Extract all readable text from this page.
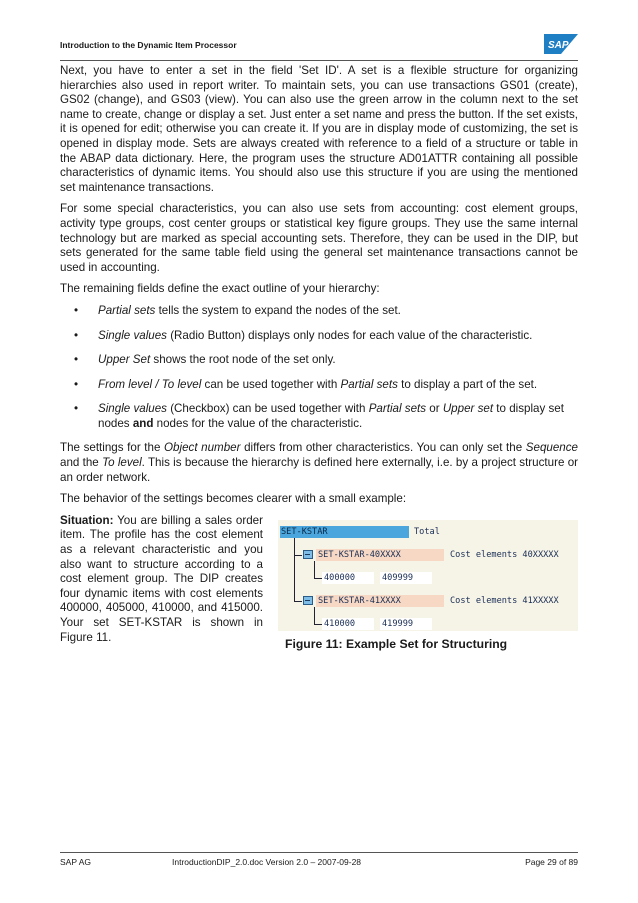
Introduction to the Dynamic Item Processor	SAP

Next, you have to enter a set in the field 'Set ID'. A set is a flexible structure for organizing hierarchies also used in report writer. To maintain sets, you can use transactions GS01 (create), GS02 (change), and GS03 (view). You can also use the green arrow in the column next to the set name to create, change or display a set. Just enter a set name and press the button. If the set exists, it is opened for edit; otherwise you can create it. If you are in display mode of customizing, the set is opened in display mode. Sets are always created with reference to a field of a structure or table in the ABAP data dictionary. Here, the program uses the structure AD01ATTR containing all possible characteristics of dynamic items. You should also use this structure if you are using the mentioned set maintenance transactions.

For some special characteristics, you can also use sets from accounting: cost element groups, activity type groups, cost center groups or statistical key figure groups. They use the same internal technology but are marked as special accounting sets. Therefore, they can be used in the DIP, but sets generated for the same table field using the general set maintenance transactions cannot be used in accounting.

The remaining fields define the exact outline of your hierarchy:

• Partial sets tells the system to expand the nodes of the set.
• Single values (Radio Button) displays only nodes for each value of the characteristic.
• Upper Set shows the root node of the set only.
• From level / To level can be used together with Partial sets to display a part of the set.
• Single values (Checkbox) can be used together with Partial sets or Upper set to display set nodes and nodes for the value of the characteristic.

The settings for the Object number differs from other characteristics. You can only set the Sequence and the To level. This is because the hierarchy is defined here externally, i.e. by a project structure or an order network.

The behavior of the settings becomes clearer with a small example:

Situation: You are billing a sales order item. The profile has the cost element as a relevant characteristic and you also want to structure according to a cost element group. The DIP creates four dynamic items with cost elements 400000, 405000, 410000, and 415000. Your set SET-KSTAR is shown in Figure 11.

SET-KSTAR	Total
SET-KSTAR-40XXXX	Cost elements 40XXXXX
400000	409999
SET-KSTAR-41XXXX	Cost elements 41XXXXX
410000	419999
Figure 11: Example Set for Structuring
SAP AG	IntroductionDIP_2.0.doc Version 2.0 – 2007-09-28	Page 29 of 89
